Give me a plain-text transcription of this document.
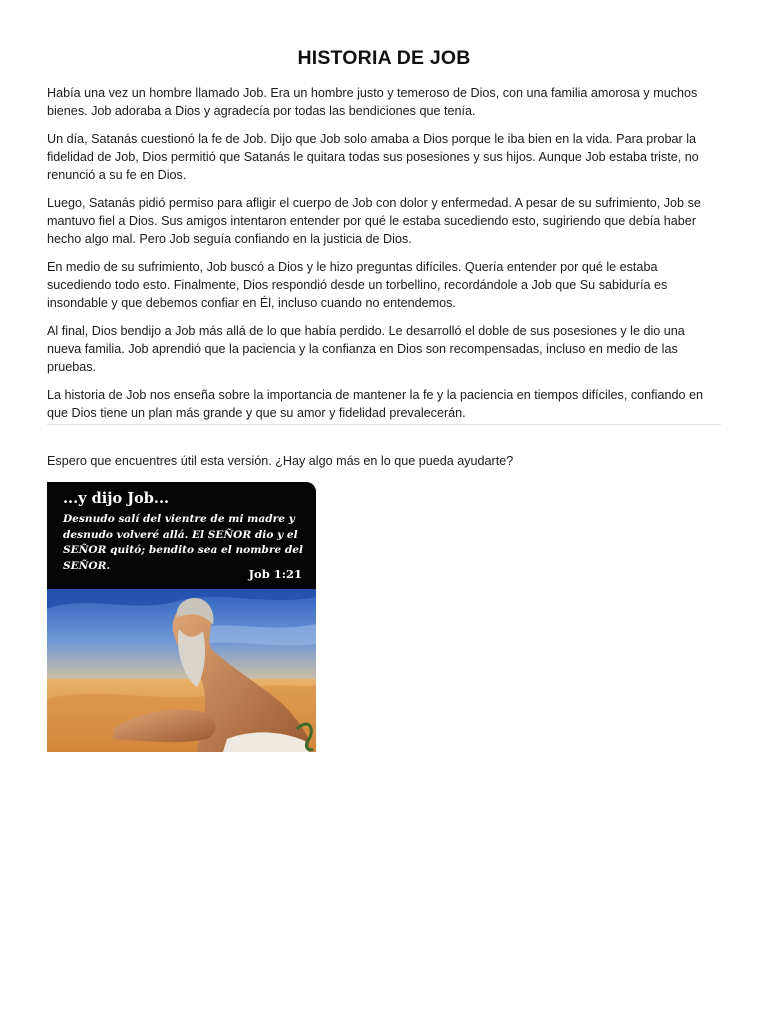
HISTORIA DE JOB

Había una vez un hombre llamado Job. Era un hombre justo y temeroso de Dios, con una familia amorosa y muchos bienes. Job adoraba a Dios y agradecía por todas las bendiciones que tenía.

Un día, Satanás cuestionó la fe de Job. Dijo que Job solo amaba a Dios porque le iba bien en la vida. Para probar la fidelidad de Job, Dios permitió que Satanás le quitara todas sus posesiones y sus hijos. Aunque Job estaba triste, no renunció a su fe en Dios.

Luego, Satanás pidió permiso para afligir el cuerpo de Job con dolor y enfermedad. A pesar de su sufrimiento, Job se mantuvo fiel a Dios. Sus amigos intentaron entender por qué le estaba sucediendo esto, sugiriendo que debía haber hecho algo mal. Pero Job seguía confiando en la justicia de Dios.

En medio de su sufrimiento, Job buscó a Dios y le hizo preguntas difíciles. Quería entender por qué le estaba sucediendo todo esto. Finalmente, Dios respondió desde un torbellino, recordándole a Job que Su sabiduría es insondable y que debemos confiar en Él, incluso cuando no entendemos.

Al final, Dios bendijo a Job más allá de lo que había perdido. Le desarrolló el doble de sus posesiones y le dio una nueva familia. Job aprendió que la paciencia y la confianza en Dios son recompensadas, incluso en medio de las pruebas.

La historia de Job nos enseña sobre la importancia de mantener la fe y la paciencia en tiempos difíciles, confiando en que Dios tiene un plan más grande y que su amor y fidelidad prevalecerán.

Espero que encuentres útil esta versión. ¿Hay algo más en lo que pueda ayudarte?

...y dijo Job...
Desnudo salí del vientre de mi madre y desnudo volveré allá. El SEÑOR dio y el SEÑOR quitó; bendito sea el nombre del SEÑOR.
Job 1:21
